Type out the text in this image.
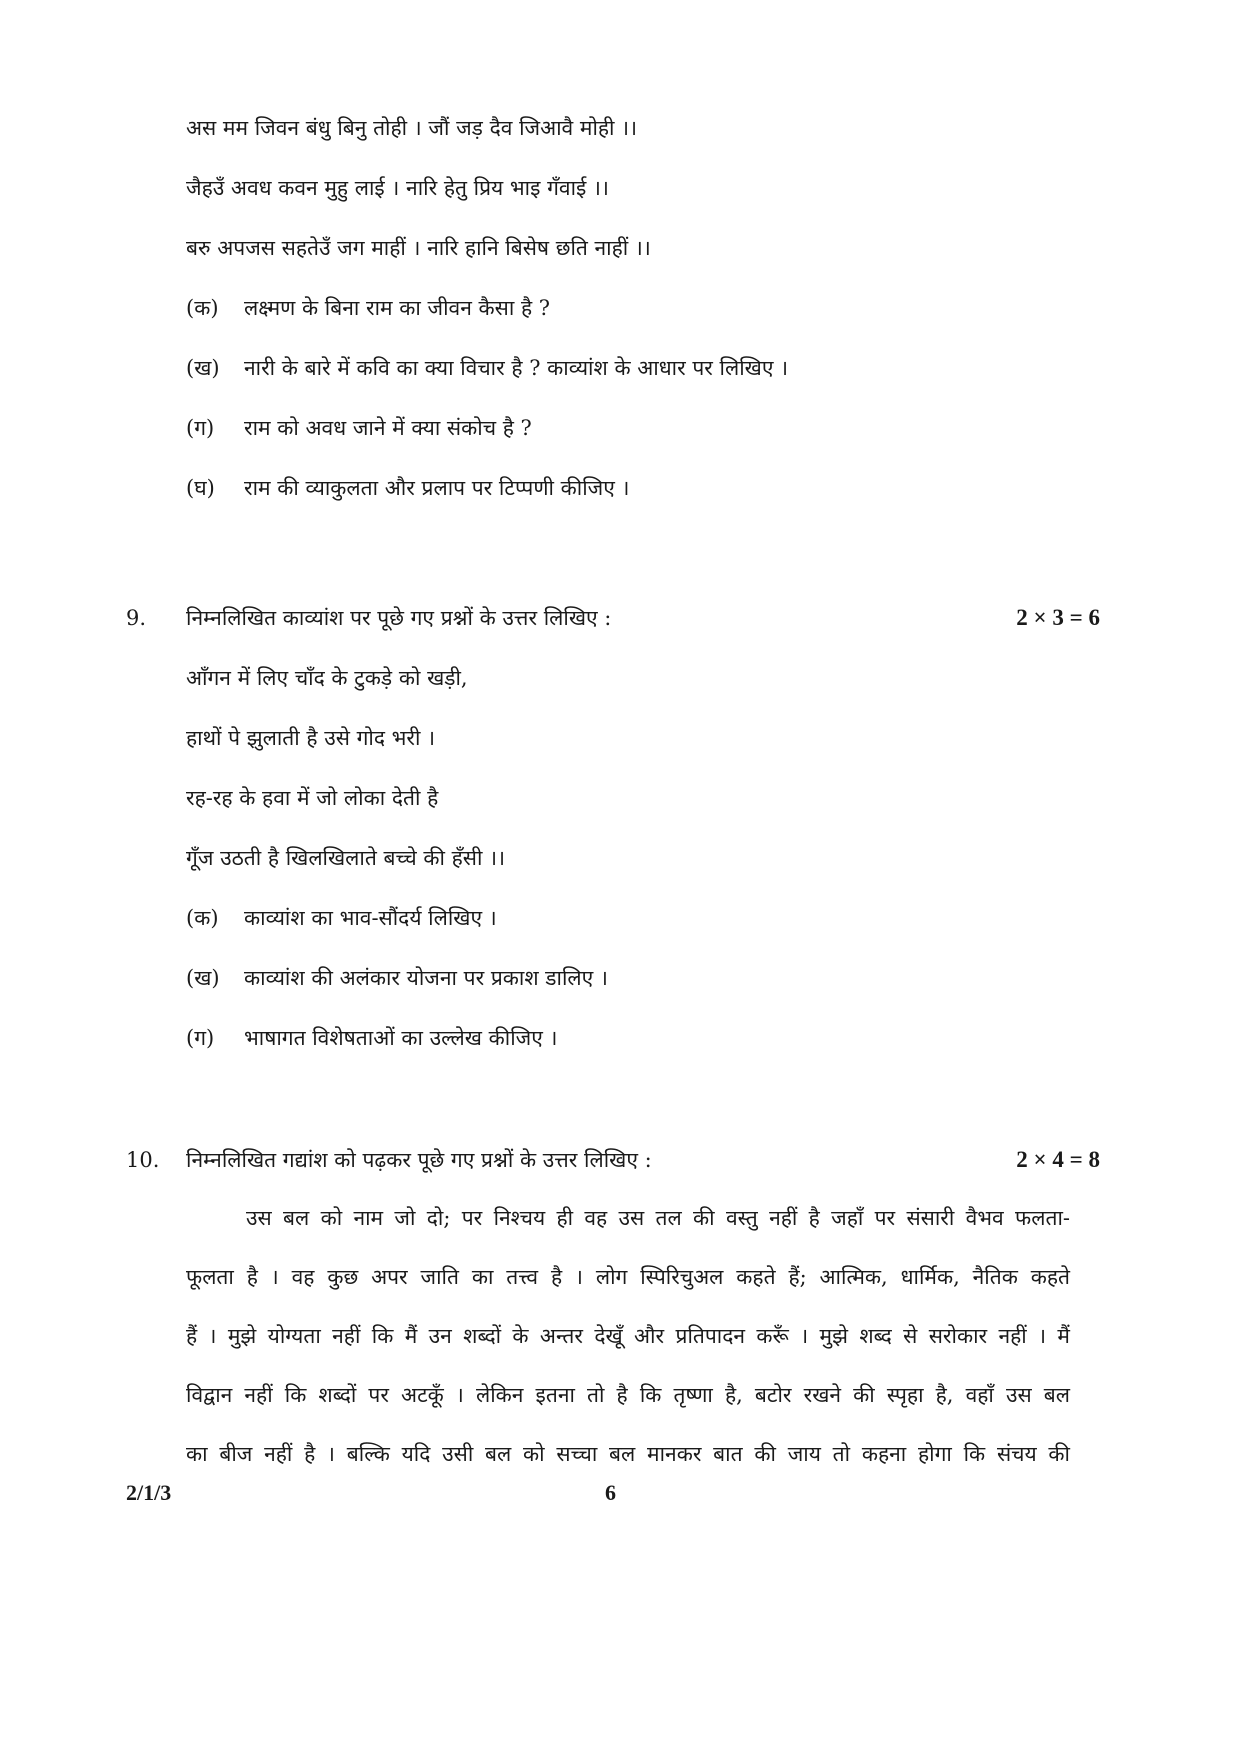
अस मम जिवन बंधु बिनु तोही । जौं जड़ दैव जिआवै मोही ।।
जैहउँ अवध कवन मुहु लाई । नारि हेतु प्रिय भाइ गँवाई ।।
बरु अपजस सहतेउँ जग माहीं । नारि हानि बिसेष छति नाहीं ।।
(क) लक्ष्मण के बिना राम का जीवन कैसा है ?
(ख) नारी के बारे में कवि का क्या विचार है ? काव्यांश के आधार पर लिखिए ।
(ग) राम को अवध जाने में क्या संकोच है ?
(घ) राम की व्याकुलता और प्रलाप पर टिप्पणी कीजिए ।
9. निम्नलिखित काव्यांश पर पूछे गए प्रश्नों के उत्तर लिखिए :	2 × 3 = 6
आँगन में लिए चाँद के टुकड़े को खड़ी,
हाथों पे झुलाती है उसे गोद भरी ।
रह-रह के हवा में जो लोका देती है
गूँज उठती है खिलखिलाते बच्चे की हँसी ।।
(क) काव्यांश का भाव-सौंदर्य लिखिए ।
(ख) काव्यांश की अलंकार योजना पर प्रकाश डालिए ।
(ग) भाषागत विशेषताओं का उल्लेख कीजिए ।
10. निम्नलिखित गद्यांश को पढ़कर पूछे गए प्रश्नों के उत्तर लिखिए :	2 × 4 = 8
उस बल को नाम जो दो; पर निश्चय ही वह उस तल की वस्तु नहीं है जहाँ पर संसारी वैभव फलता-
फूलता है । वह कुछ अपर जाति का तत्त्व है । लोग स्पिरिचुअल कहते हैं; आत्मिक, धार्मिक, नैतिक कहते
हैं । मुझे योग्यता नहीं कि मैं उन शब्दों के अन्तर देखूँ और प्रतिपादन करूँ । मुझे शब्द से सरोकार नहीं । मैं
विद्वान नहीं कि शब्दों पर अटकूँ । लेकिन इतना तो है कि तृष्णा है, बटोर रखने की स्पृहा है, वहाँ उस बल
का बीज नहीं है । बल्कि यदि उसी बल को सच्चा बल मानकर बात की जाय तो कहना होगा कि संचय की
2/1/3	6
